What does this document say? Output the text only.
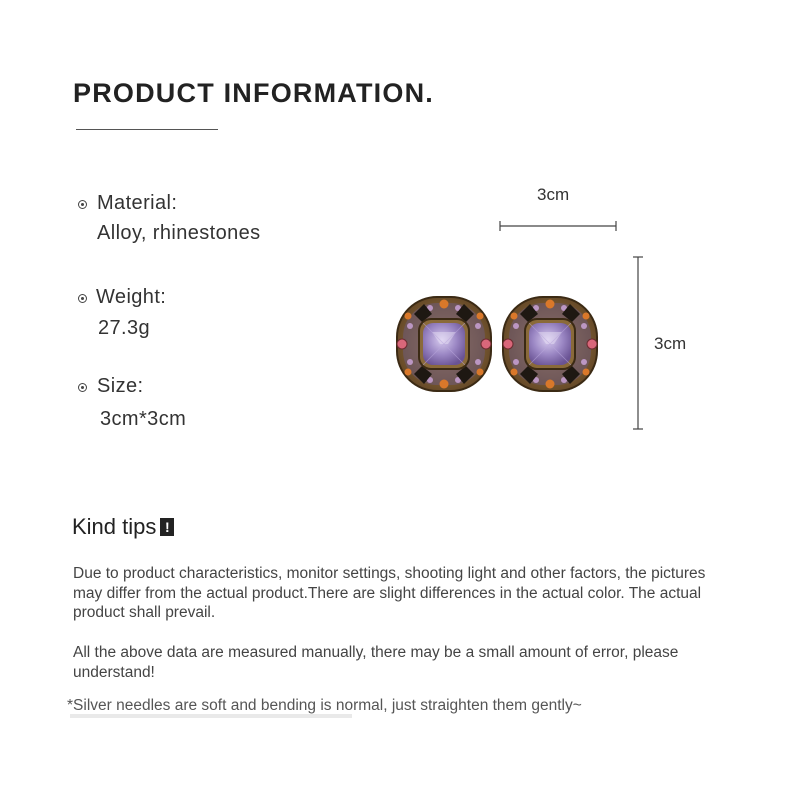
PRODUCT INFORMATION.
Material:
Alloy, rhinestones
Weight:
27.3g
Size:
3cm*3cm
3cm
3cm
Kind tips !
Due to product characteristics, monitor settings, shooting light and other factors, the pictures may differ from the actual product.There are slight differences in the actual color. The actual product shall prevail.
All the above data are measured manually, there may be a small amount of error, please understand!
*Silver needles are soft and bending is normal, just straighten them gently~
